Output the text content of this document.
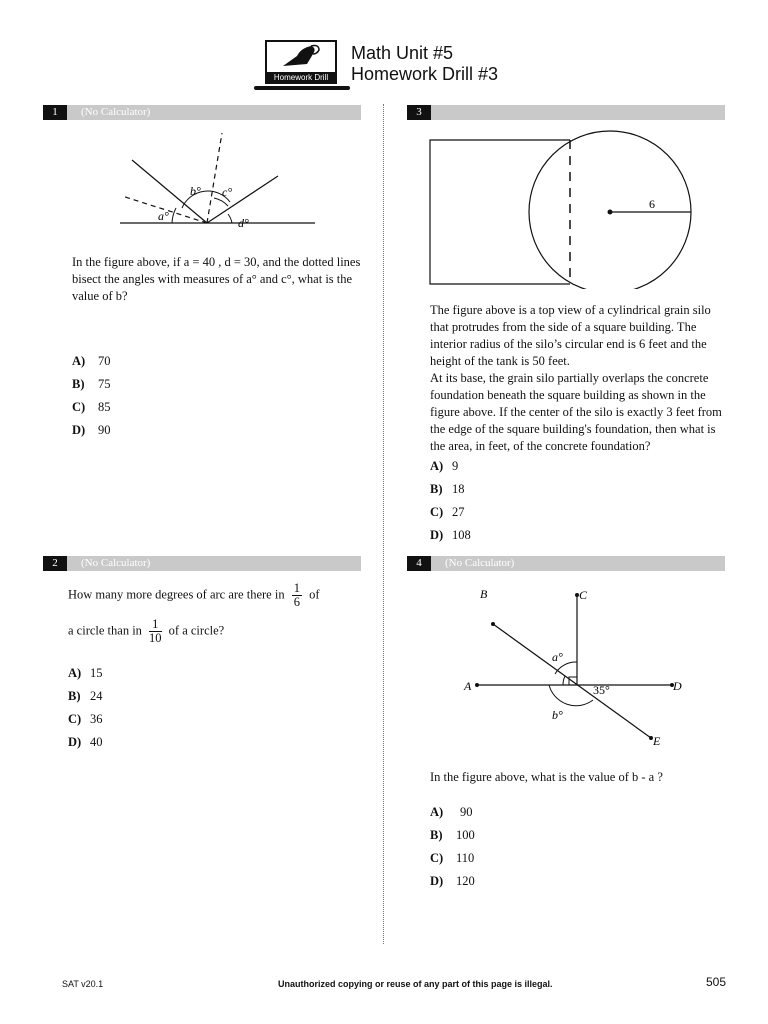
Homework Drill
Math Unit #5
Homework Drill #3
1	(No Calculator)
b° c°
a°	d°
In the figure above, if a = 40 , d = 30, and the dotted lines bisect the angles with measures of a° and c°, what is the value of b?
A) 70
B) 75
C) 85
D) 90
2	(No Calculator)
How many more degrees of arc are there in $\frac{1}{6}$ of
a circle than in $\frac{1}{10}$ of a circle?
A) 15
B) 24
C) 36
D) 40
3
6
The figure above is a top view of a cylindrical grain silo that protrudes from the side of a square building. The interior radius of the silo’s circular end is 6 feet and the height of the tank is 50 feet.
At its base, the grain silo partially overlaps the concrete foundation beneath the square building as shown in the figure above. If the center of the silo is exactly 3 feet from the edge of the square building's foundation, then what is the area, in feet, of the concrete foundation?
A) 9
B) 18
C) 27
D) 108
4	(No Calculator)
B	C
A	D
E
a°
b°
35°
In the figure above, what is the value of b - a ?
A) 90
B) 100
C) 110
D) 120
SAT v20.1	Unauthorized copying or reuse of any part of this page is illegal.	505
